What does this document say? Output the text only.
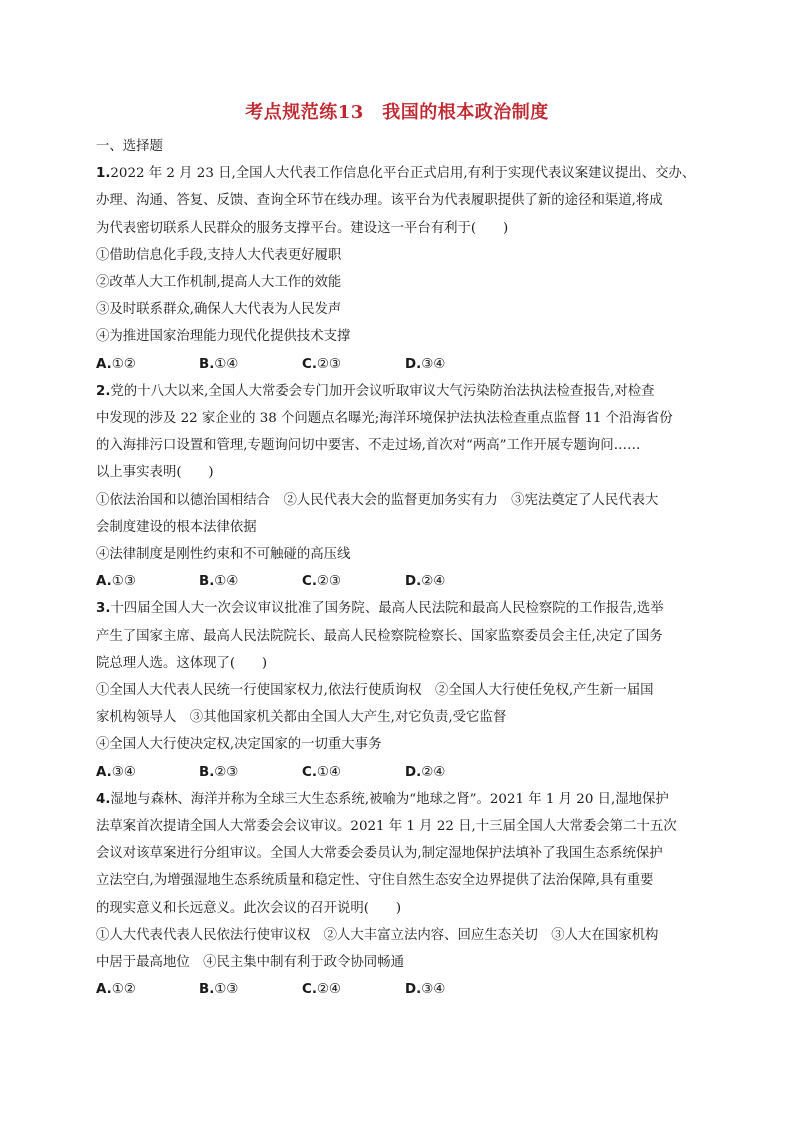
考点规范练13　我国的根本政治制度
一、选择题
1.2022 年 2 月 23 日,全国人大代表工作信息化平台正式启用,有利于实现代表议案建议提出、交办、
办理、沟通、答复、反馈、查询全环节在线办理。该平台为代表履职提供了新的途径和渠道,将成
为代表密切联系人民群众的服务支撑平台。建设这一平台有利于(　　)
①借助信息化手段,支持人大代表更好履职
②改革人大工作机制,提高人大工作的效能
③及时联系群众,确保人大代表为人民发声
④为推进国家治理能力现代化提供技术支撑
A.①②	B.①④	C.②③	D.③④
2.党的十八大以来,全国人大常委会专门加开会议听取审议大气污染防治法执法检查报告,对检查
中发现的涉及 22 家企业的 38 个问题点名曝光;海洋环境保护法执法检查重点监督 11 个沿海省份
的入海排污口设置和管理,专题询问切中要害、不走过场,首次对“两高”工作开展专题询问……
以上事实表明(　　)
①依法治国和以德治国相结合　②人民代表大会的监督更加务实有力　③宪法奠定了人民代表大
会制度建设的根本法律依据
④法律制度是刚性约束和不可触碰的高压线
A.①③	B.①④	C.②③	D.②④
3.十四届全国人大一次会议审议批准了国务院、最高人民法院和最高人民检察院的工作报告,选举
产生了国家主席、最高人民法院院长、最高人民检察院检察长、国家监察委员会主任,决定了国务
院总理人选。这体现了(　　)
①全国人大代表人民统一行使国家权力,依法行使质询权　②全国人大行使任免权,产生新一届国
家机构领导人　③其他国家机关都由全国人大产生,对它负责,受它监督
④全国人大行使决定权,决定国家的一切重大事务
A.③④	B.②③	C.①④	D.②④
4.湿地与森林、海洋并称为全球三大生态系统,被喻为“地球之肾”。2021 年 1 月 20 日,湿地保护
法草案首次提请全国人大常委会会议审议。2021 年 1 月 22 日,十三届全国人大常委会第二十五次
会议对该草案进行分组审议。全国人大常委会委员认为,制定湿地保护法填补了我国生态系统保护
立法空白,为增强湿地生态系统质量和稳定性、守住自然生态安全边界提供了法治保障,具有重要
的现实意义和长远意义。此次会议的召开说明(　　)
①人大代表代表人民依法行使审议权　②人大丰富立法内容、回应生态关切　③人大在国家机构
中居于最高地位　④民主集中制有利于政令协同畅通
A.①②	B.①③	C.②④	D.③④
